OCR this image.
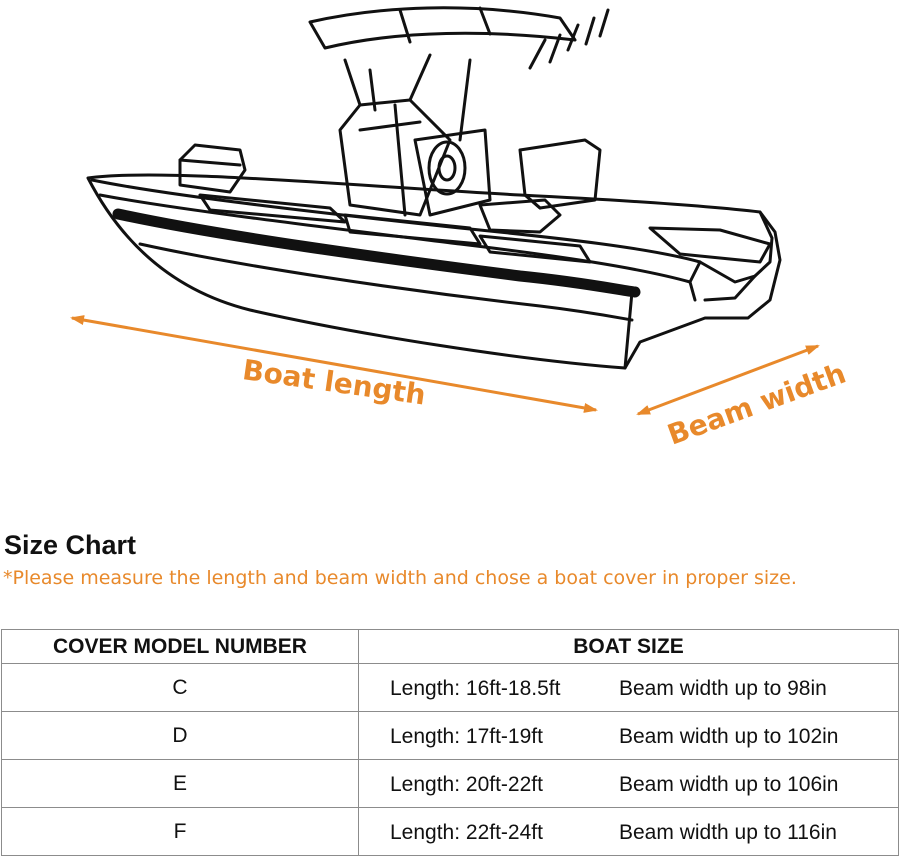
Boat length	Beam width
Size Chart

*Please measure the length and beam width and chose a boat cover in proper size.

COVER MODEL NUMBER	BOAT SIZE
C	Length: 16ft-18.5ft Beam width up to 98in

D	Length: 17ft-19ft Beam width up to 102in

E	Length: 20ft-22ft Beam width up to 106in

F	Length: 22ft-24ft Beam width up to 116in
